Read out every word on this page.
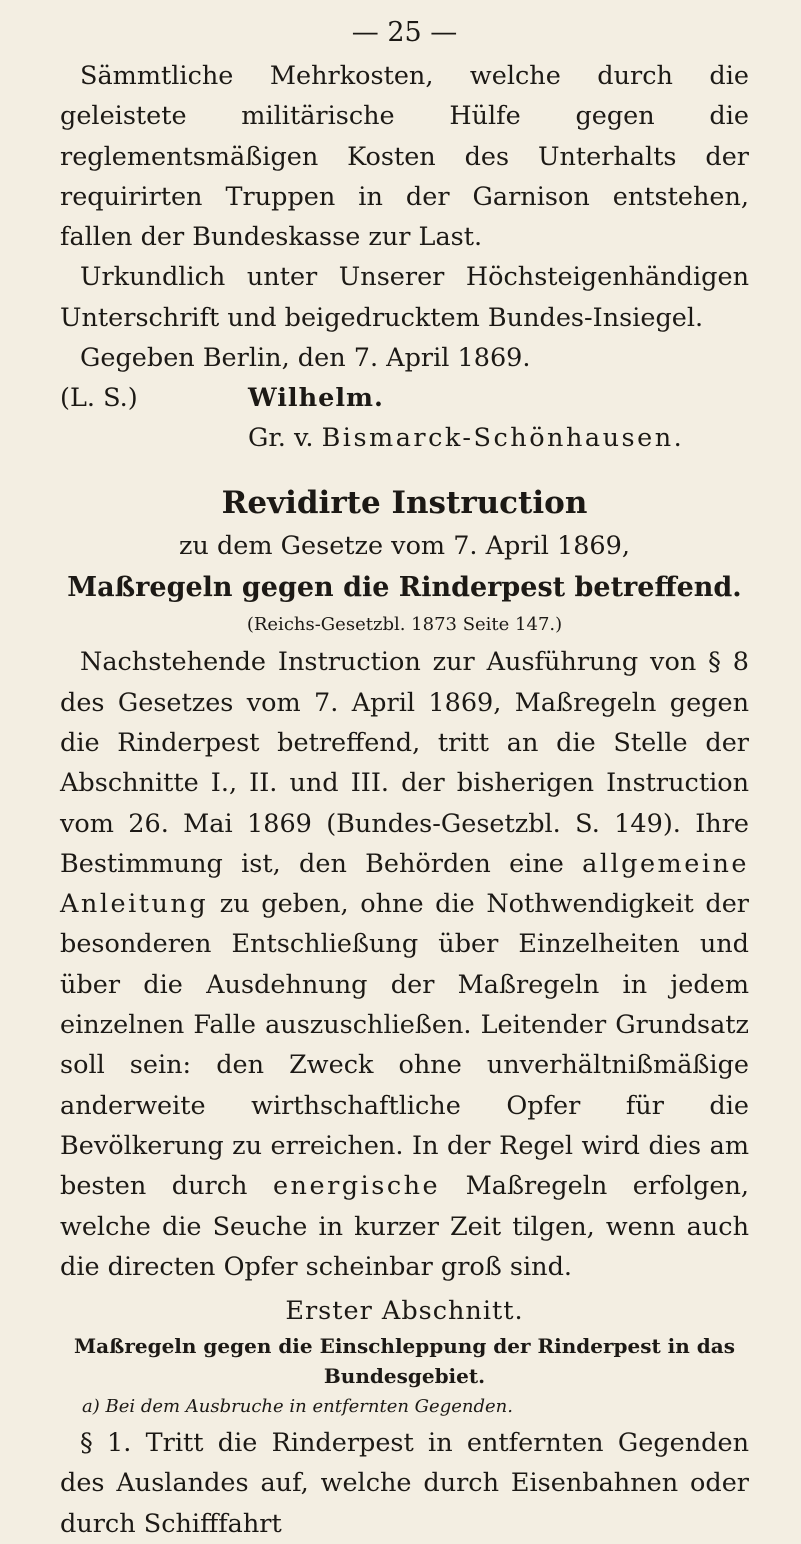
— 25 —

Sämmtliche Mehrkosten, welche durch die geleistete militärische Hülfe gegen die reglementsmäßigen Kosten des Unterhalts der requirirten Truppen in der Garnison entstehen, fallen der Bundeskasse zur Last.

Urkundlich unter Unserer Höchsteigenhändigen Unterschrift und beigedrucktem Bundes-Insiegel.

Gegeben Berlin, den 7. April 1869.

(L. S.)	Wilhelm.
Gr. v. Bismarck-Schönhausen.
Revidirte Instruction
zu dem Gesetze vom 7. April 1869,
Maßregeln gegen die Rinderpest betreffend.
(Reichs-Gesetzbl. 1873 Seite 147.)

Nachstehende Instruction zur Ausführung von § 8 des Gesetzes vom 7. April 1869, Maßregeln gegen die Rinderpest betreffend, tritt an die Stelle der Abschnitte I., II. und III. der bisherigen Instruction vom 26. Mai 1869 (Bundes-Gesetzbl. S. 149). Ihre Bestimmung ist, den Behörden eine allgemeine Anleitung zu geben, ohne die Nothwendigkeit der besonderen Entschließung über Einzelheiten und über die Ausdehnung der Maßregeln in jedem einzelnen Falle auszuschließen. Leitender Grundsatz soll sein: den Zweck ohne unverhältnißmäßige anderweite wirthschaftliche Opfer für die Bevölkerung zu erreichen. In der Regel wird dies am besten durch energische Maßregeln erfolgen, welche die Seuche in kurzer Zeit tilgen, wenn auch die directen Opfer scheinbar groß sind.

Erster Abschnitt.
Maßregeln gegen die Einschleppung der Rinderpest in das Bundesgebiet.
a) Bei dem Ausbruche in entfernten Gegenden.

§ 1. Tritt die Rinderpest in entfernten Gegenden des Auslandes auf, welche durch Eisenbahnen oder durch Schifffahrt
